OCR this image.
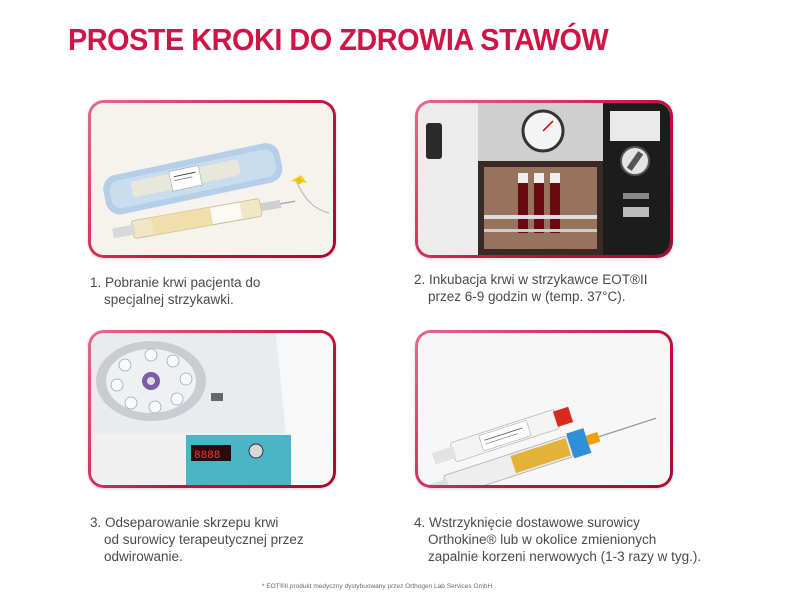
PROSTE KROKI DO ZDROWIA STAWÓW
8888
1. Pobranie krwi pacjenta do
specjalnej strzykawki.
2. Inkubacja krwi w strzykawce EOT®II
przez 6-9 godzin w (temp. 37°C).
3. Odseparowanie skrzepu krwi
od surowicy terapeutycznej przez
odwirowanie.
4. Wstrzyknięcie dostawowe surowicy
Orthokine® lub w okolice zmienionych
zapalnie korzeni nerwowych (1-3 razy w tyg.).
* EOT®II produkt medyczny dystybuowany przez Orthogen Lab Services GmbH
